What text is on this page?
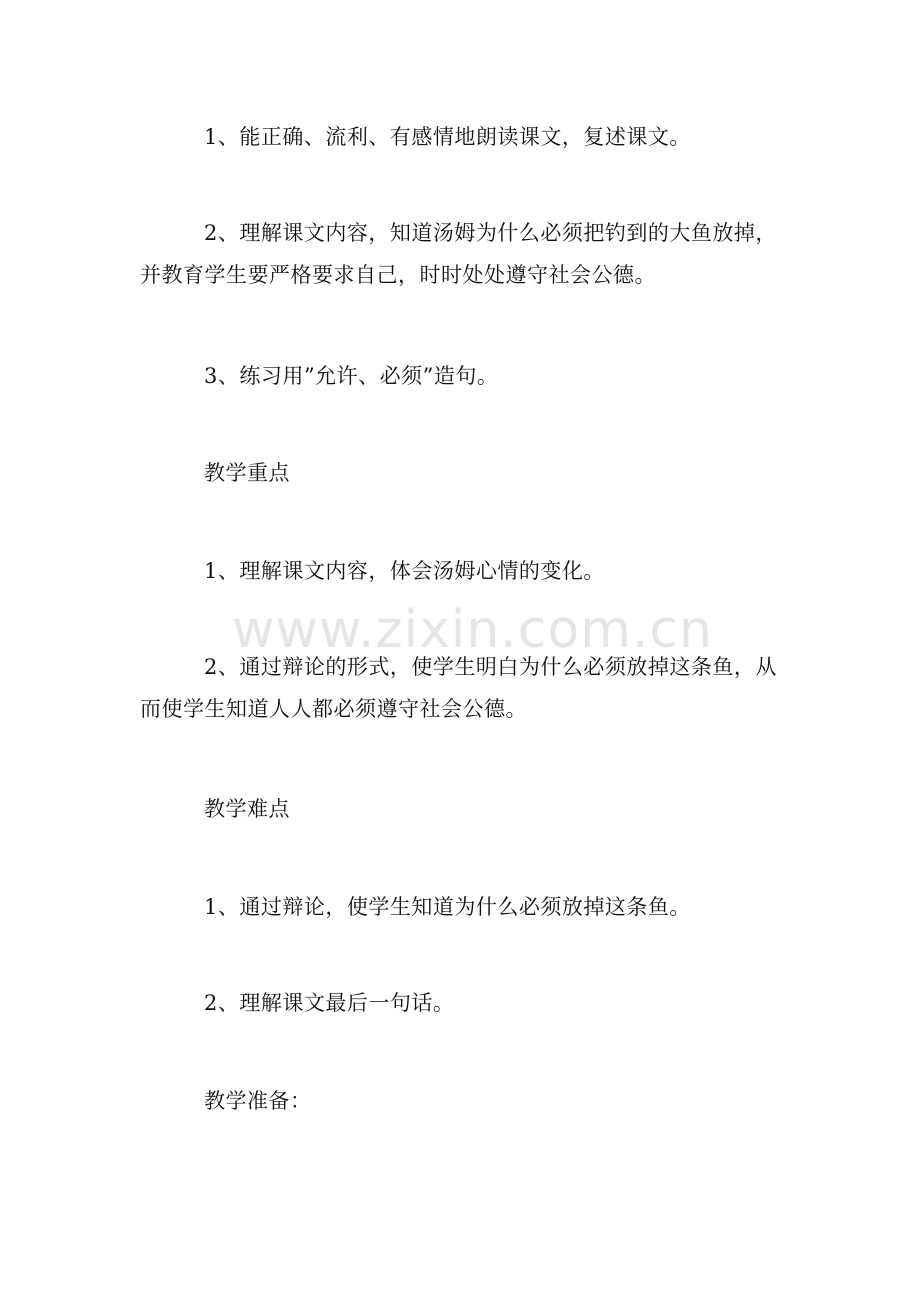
1、能正确、流利、有感情地朗读课文，复述课文。

2、理解课文内容，知道汤姆为什么必须把钓到的大鱼放掉，并教育学生要严格要求自己，时时处处遵守社会公德。

3、练习用”允许、必须”造句。

教学重点

1、理解课文内容，体会汤姆心情的变化。

2、通过辩论的形式，使学生明白为什么必须放掉这条鱼，从而使学生知道人人都必须遵守社会公德。

教学难点

1、通过辩论，使学生知道为什么必须放掉这条鱼。

2、理解课文最后一句话。

教学准备：

www.zixin.com.cn
